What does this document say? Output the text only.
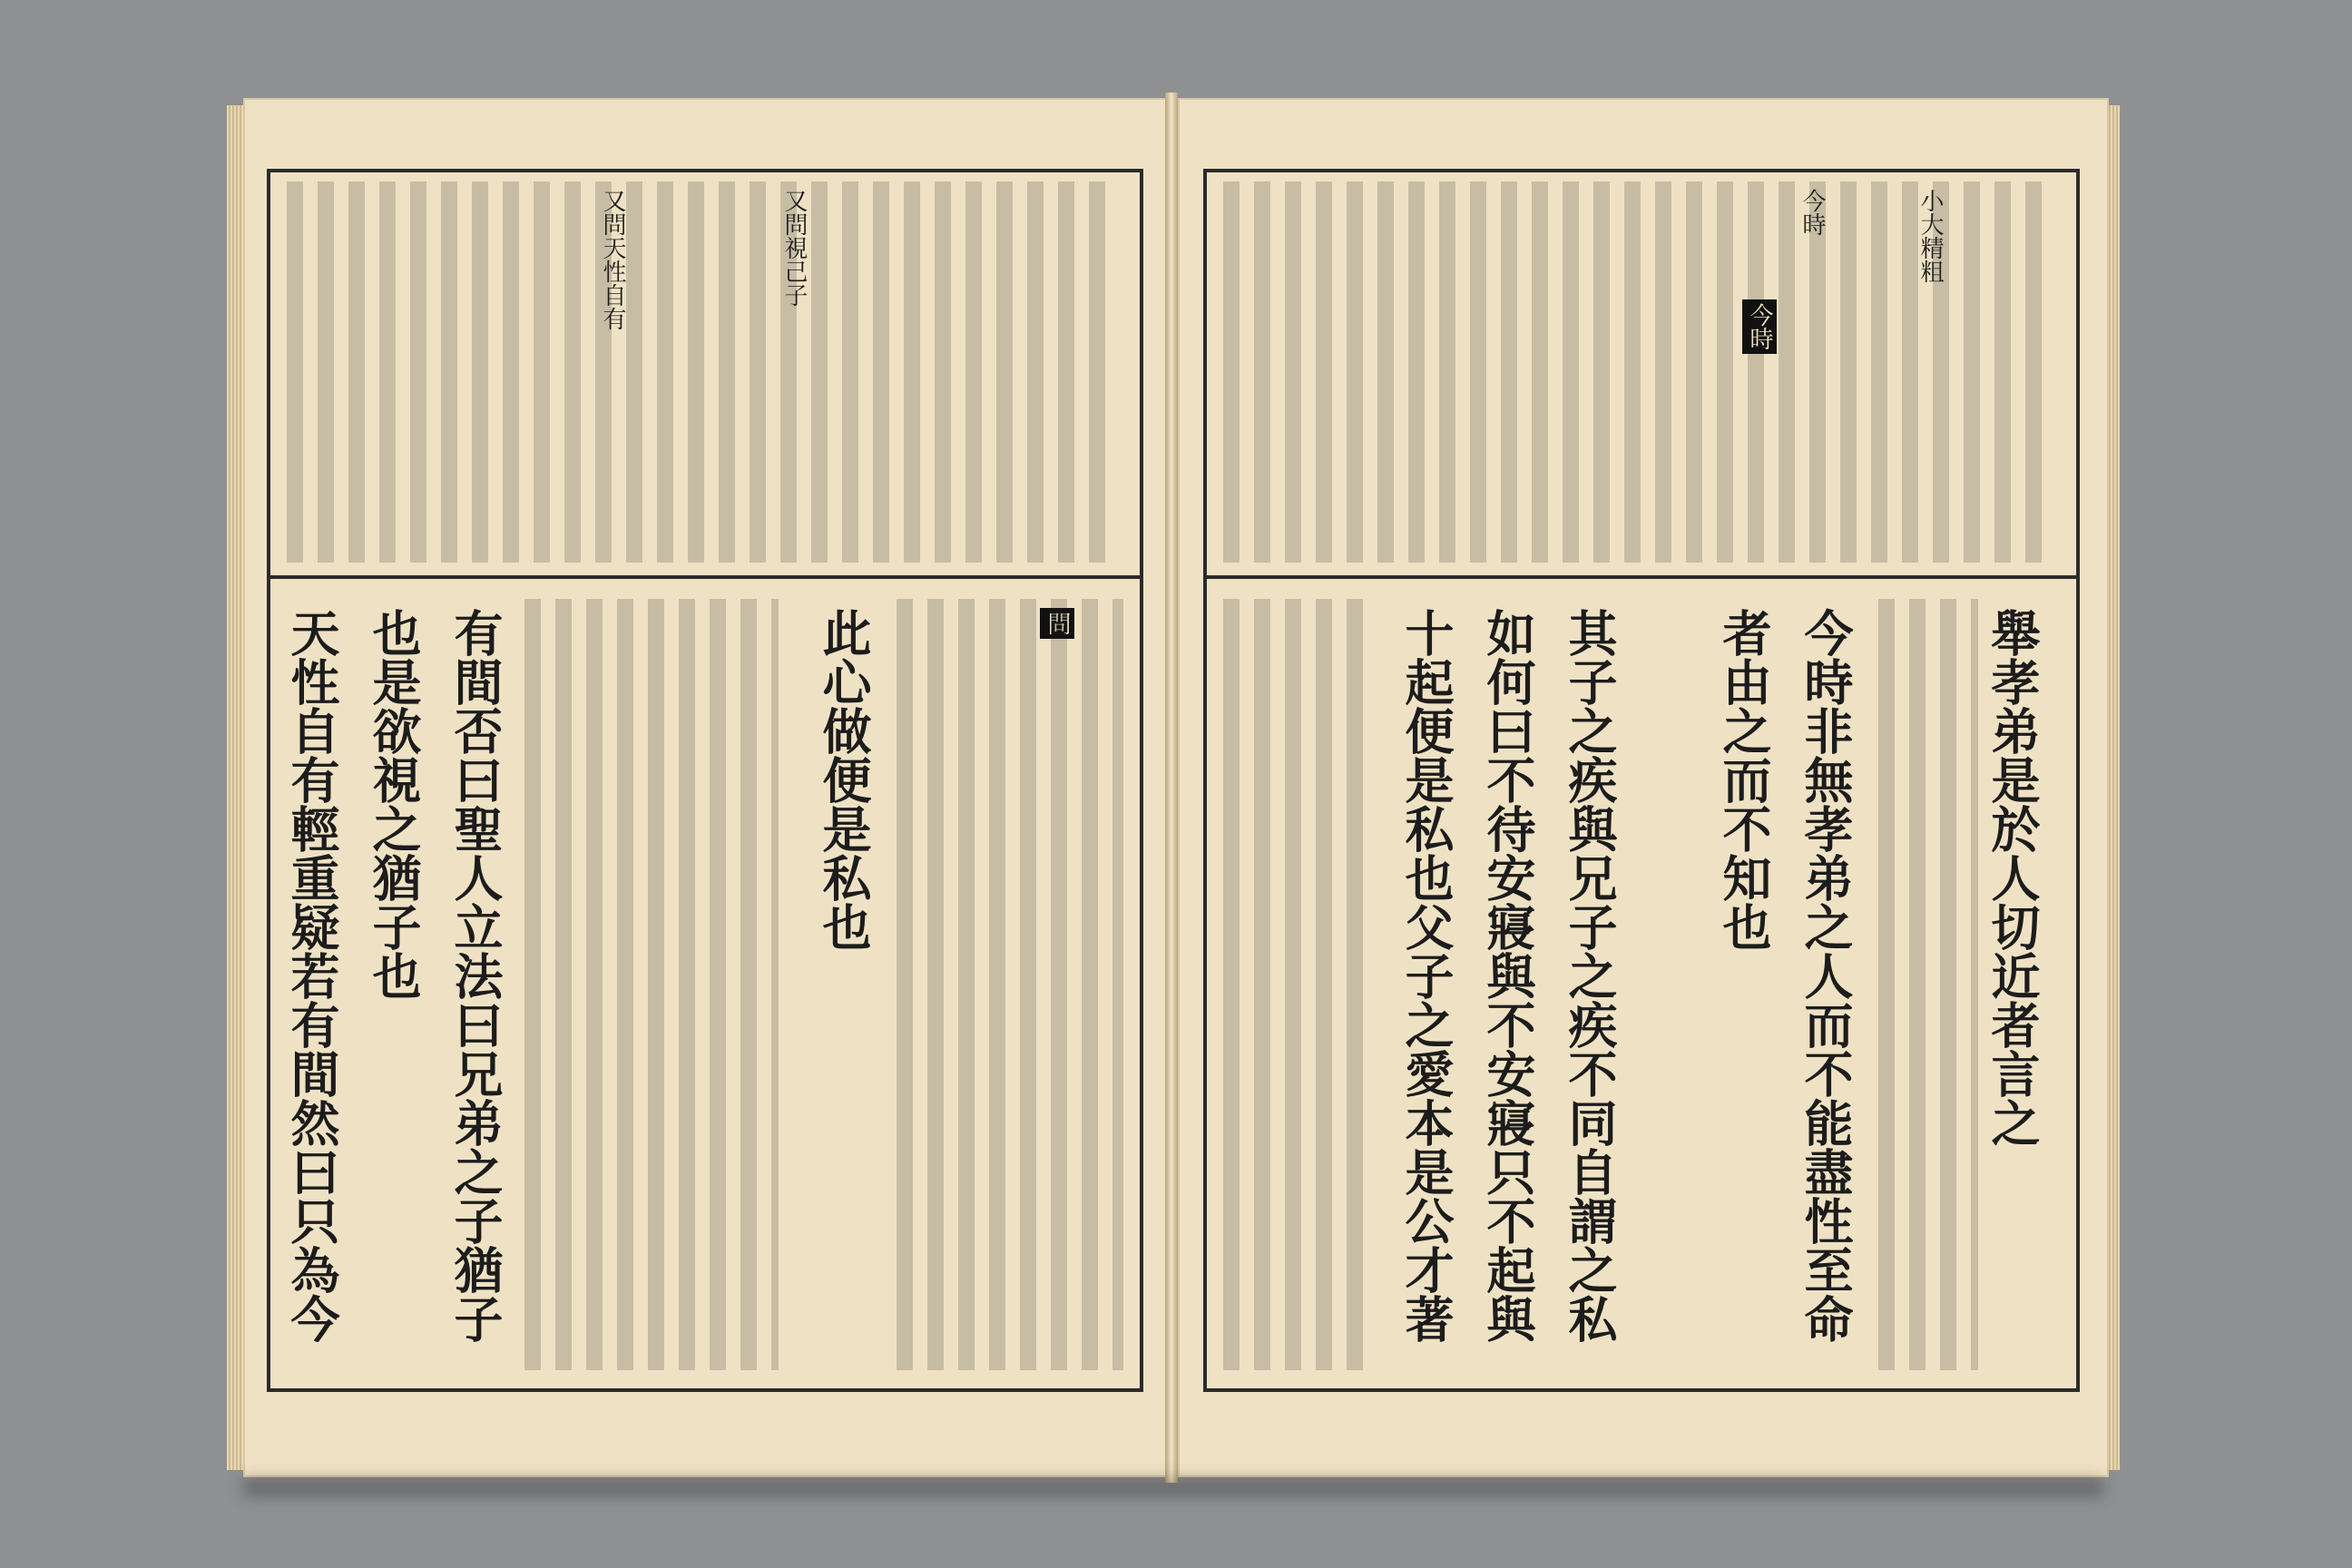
又問視己子
又問天性自有
問
天性自有輕重疑若有間然曰只為今 也是欲視之猶子也 有間否曰聖人立法曰兄弟之子猶子	此心做便是私也
小大精粗
今時
今時
舉孝弟是於人切近者言之
今時非無孝弟之人而不能盡性至命
者由之而不知也
其子之疾與兄子之疾不同自謂之私
如何曰不待安寢與不安寢只不起與
十起便是私也父子之愛本是公才著
